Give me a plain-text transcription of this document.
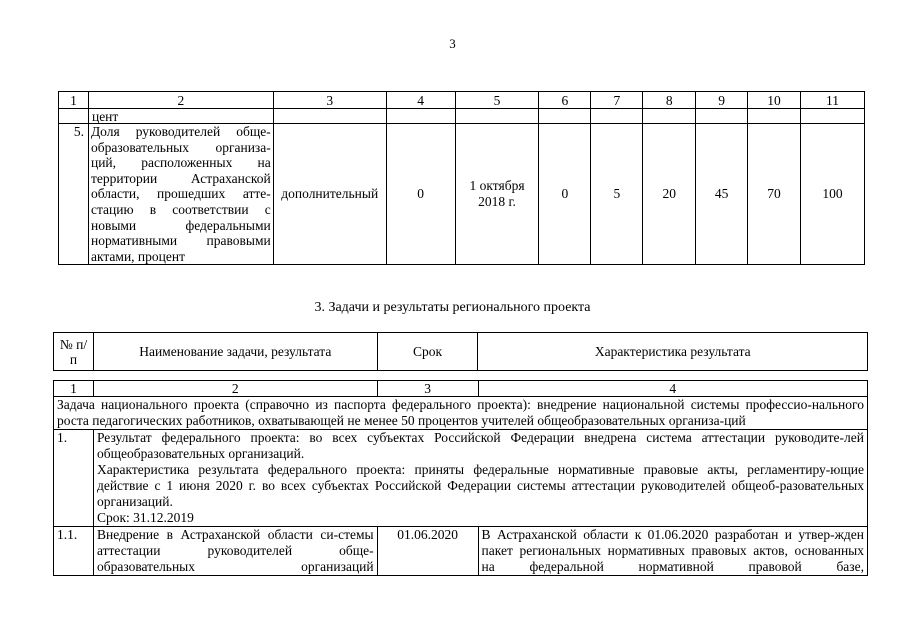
3
1	2	3	4	5	6	7	8	9	10	11
	цент									
5.	Доля руководителей обще-образовательных организа-ций, расположенных на территории Астраханской области, прошедших атте-стацию в соответствии с новыми федеральными нормативными правовыми актами, процент	дополнительный	0	1 октября 2018 г.	0	5	20	45	70	100
3. Задачи и результаты регионального проекта
№ п/п	Наименование задачи, результата	Срок	Характеристика результата
1	2	3	4
Задача национального проекта (справочно из паспорта федерального проекта): внедрение национальной системы профессио-нального роста педагогических работников, охватывающей не менее 50 процентов учителей общеобразовательных организа-ций			
1.	Результат федерального проекта: во всех субъектах Российской Федерации внедрена система аттестации руководите-лей общеобразовательных организаций.
Характеристика результата федерального проекта: приняты федеральные нормативные правовые акты, регламентиру-ющие действие с 1 июня 2020 г. во всех субъектах Российской Федерации системы аттестации руководителей общеоб-разовательных организаций.
Срок: 31.12.2019		

1.1.	Внедрение в Астраханской области си-стемы аттестации руководителей обще-образовательных организаций	01.06.2020	В Астраханской области к 01.06.2020 разработан и утвер-жден пакет региональных нормативных правовых актов, основанных на федеральной нормативной правовой базе,
